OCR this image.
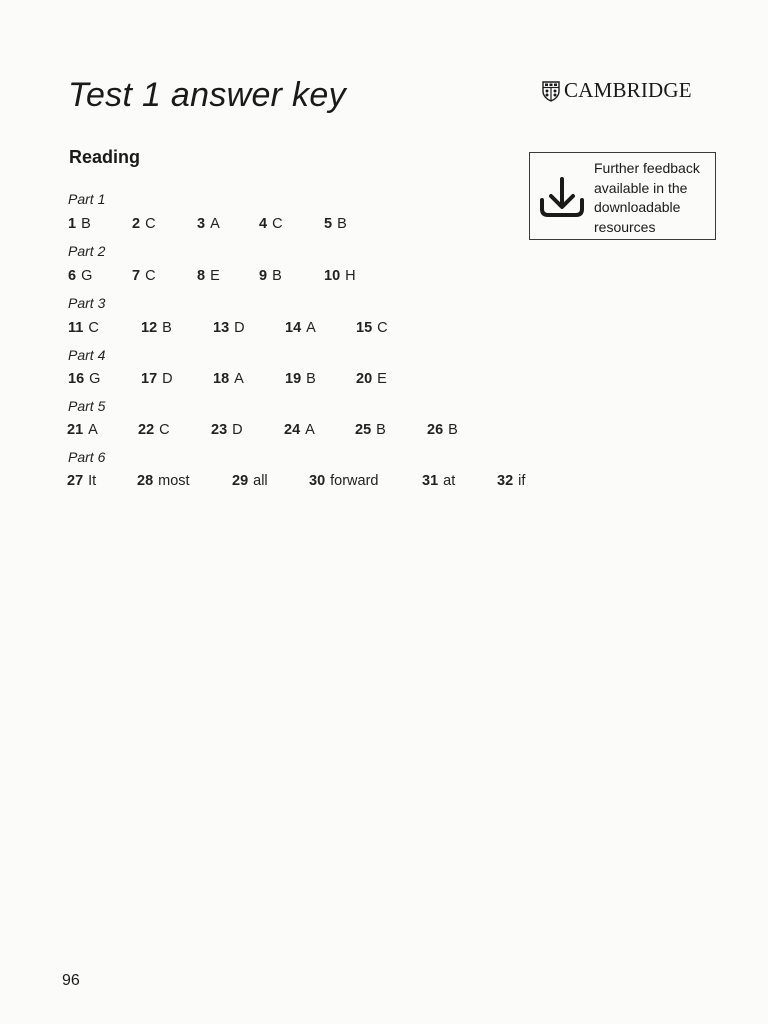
Test 1 answer key	CAMBRIDGE
Reading
Further feedback
available in the
downloadable
resources
Part 1
1 B	2 C	3 A	4 C	5 B
Part 2
6 G	7 C	8 E	9 B	10 H
Part 3
11 C	12 B	13 D	14 A	15 C
Part 4
16 G	17 D	18 A	19 B	20 E
Part 5
21 A	22 C	23 D	24 A	25 B	26 B
Part 6
27 It	28 most	29 all	30 forward	31 at	32 if
96
